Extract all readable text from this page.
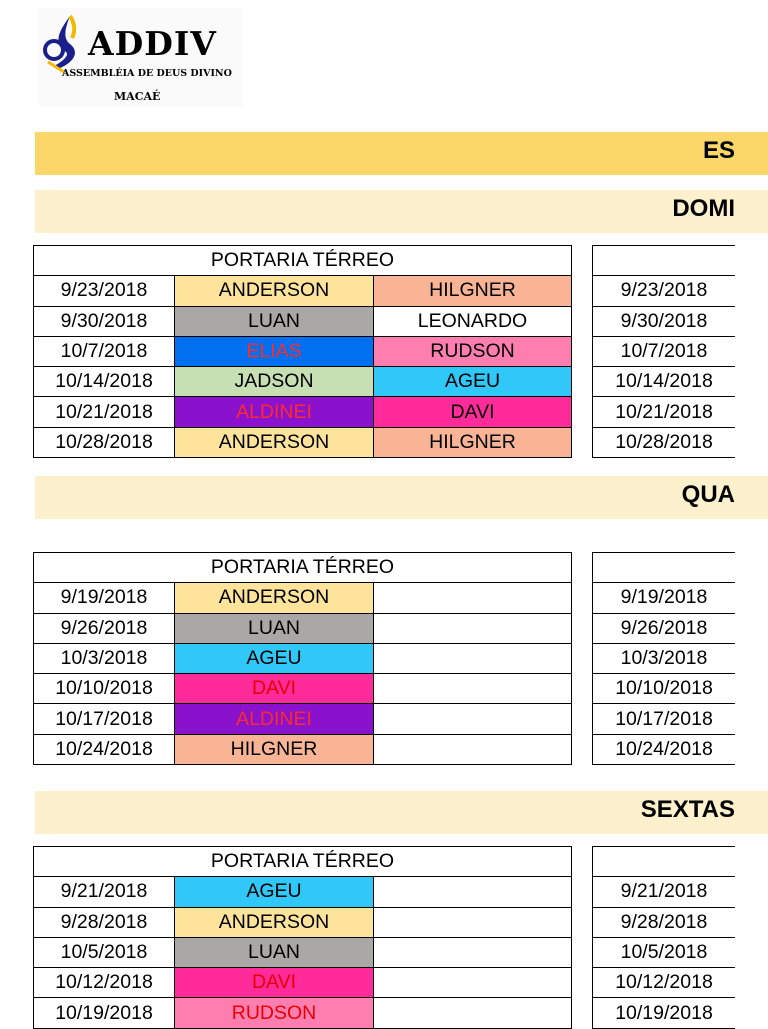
ADDIV
ASSEMBLÉIA DE DEUS DIVINO
MACAÉ
ES
DOMI
PORTARIA TÉRREO		
9/23/2018	ANDERSON	HILGNER
9/30/2018	LUAN	LEONARDO
10/7/2018	ELIAS	RUDSON
10/14/2018	JADSON	AGEU
10/21/2018	ALDINEI	DAVI
10/28/2018	ANDERSON	HILGNER

9/23/2018
9/30/2018
10/7/2018
10/14/2018
10/21/2018
10/28/2018
QUA
PORTARIA TÉRREO		
9/19/2018	ANDERSON	
9/26/2018	LUAN	
10/3/2018	AGEU	
10/10/2018	DAVI	
10/17/2018	ALDINEI	
10/24/2018	HILGNER	

9/19/2018
9/26/2018
10/3/2018
10/10/2018
10/17/2018
10/24/2018
SEXTAS
PORTARIA TÉRREO		
9/21/2018	AGEU	
9/28/2018	ANDERSON	
10/5/2018	LUAN	
10/12/2018	DAVI	
10/19/2018	RUDSON	

9/21/2018
9/28/2018
10/5/2018
10/12/2018
10/19/2018
